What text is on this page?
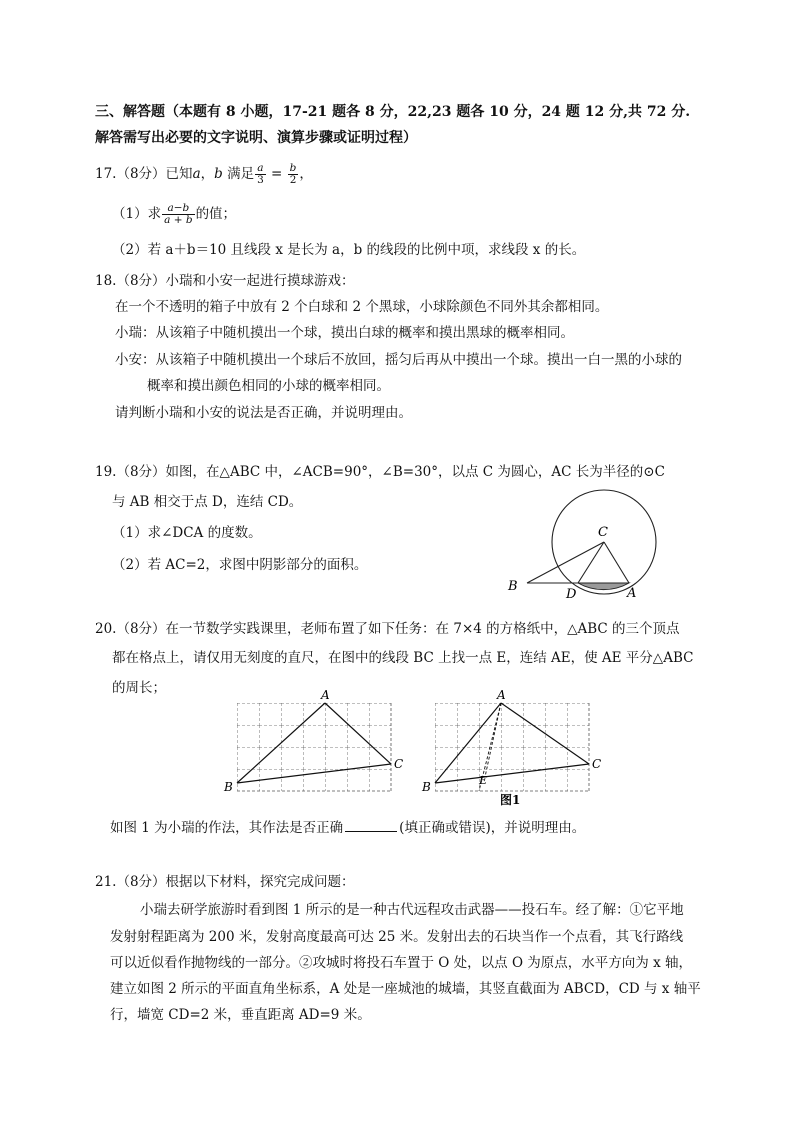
三、解答题（本题有 8 小题，17-21 题各 8 分，22,23 题各 10 分，24 题 12 分,共 72 分.
解答需写出必要的文字说明、演算步骤或证明过程）
17.（8分）已知a，b 满足 $\frac{a}{3} = \frac{b}{2}$ ，
（1）求 $\frac{a-b}{a + b}$ 的值；
（2）若 a＋b＝10 且线段 x 是长为 a，b 的线段的比例中项，求线段 x 的长。
18.（8分）小瑞和小安一起进行摸球游戏：
在一个不透明的箱子中放有 2 个白球和 2 个黑球，小球除颜色不同外其余都相同。
小瑞：从该箱子中随机摸出一个球，摸出白球的概率和摸出黑球的概率相同。
小安：从该箱子中随机摸出一个球后不放回，摇匀后再从中摸出一个球。摸出一白一黑的小球的
概率和摸出颜色相同的小球的概率相同。
请判断小瑞和小安的说法是否正确，并说明理由。
19.（8分）如图，在△ABC 中，∠ACB=90°，∠B=30°，以点 C 为圆心，AC 长为半径的⊙C
与 AB 相交于点 D，连结 CD。
（1）求∠DCA 的度数。
（2）若 AC=2，求图中阴影部分的面积。
C
B
D	A
20.（8分）在一节数学实践课里，老师布置了如下任务：在 7×4 的方格纸中，△ABC 的三个顶点
都在格点上，请仅用无刻度的直尺，在图中的线段 BC 上找一点 E，连结 AE，使 AE 平分△ABC
的周长；	A
B
C
A
B
C
E
图1
如图 1 为小瑞的作法，其作法是否正确	(填正确或错误)，并说明理由。
21.（8分）根据以下材料，探究完成问题：
小瑞去研学旅游时看到图 1 所示的是一种古代远程攻击武器——投石车。经了解：①它平地
发射射程距离为 200 米，发射高度最高可达 25 米。发射出去的石块当作一个点看，其飞行路线
可以近似看作抛物线的一部分。②攻城时将投石车置于 O 处，以点 O 为原点，水平方向为 x 轴，
建立如图 2 所示的平面直角坐标系，A 处是一座城池的城墙，其竖直截面为 ABCD，CD 与 x 轴平
行，墙宽 CD=2 米，垂直距离 AD=9 米。
